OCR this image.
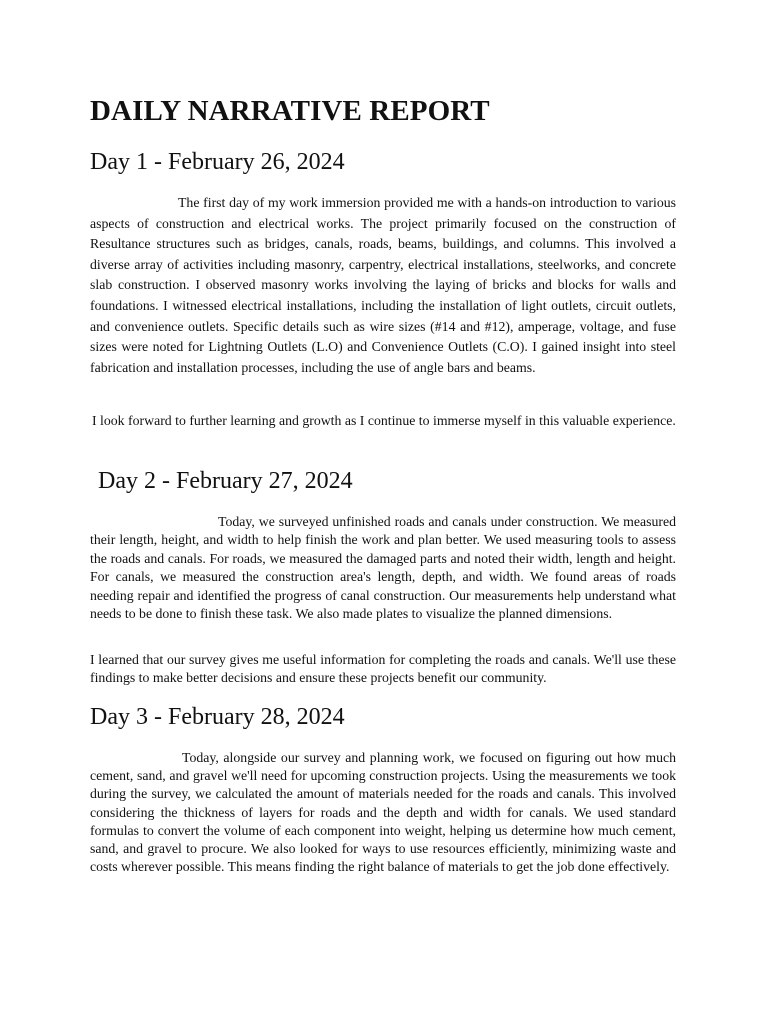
DAILY NARRATIVE REPORT
Day 1 - February 26, 2024

The first day of my work immersion provided me with a hands-on introduction to various aspects of construction and electrical works. The project primarily focused on the construction of Resultance structures such as bridges, canals, roads, beams, buildings, and columns. This involved a diverse array of activities including masonry, carpentry, electrical installations, steelworks, and concrete slab construction. I observed masonry works involving the laying of bricks and blocks for walls and foundations. I witnessed electrical installations, including the installation of light outlets, circuit outlets, and convenience outlets. Specific details such as wire sizes (#14 and #12), amperage, voltage, and fuse sizes were noted for Lightning Outlets (L.O) and Convenience Outlets (C.O). I gained insight into steel fabrication and installation processes, including the use of angle bars and beams.

I look forward to further learning and growth as I continue to immerse myself in this valuable experience.

Day 2 - February 27, 2024

Today, we surveyed unfinished roads and canals under construction. We measured their length, height, and width to help finish the work and plan better. We used measuring tools to assess the roads and canals. For roads, we measured the damaged parts and noted their width, length and height. For canals, we measured the construction area's length, depth, and width. We found areas of roads needing repair and identified the progress of canal construction. Our measurements help understand what needs to be done to finish these task. We also made plates to visualize the planned dimensions.

I learned that our survey gives me useful information for completing the roads and canals. We'll use these findings to make better decisions and ensure these projects benefit our community.

Day 3 - February 28, 2024

Today, alongside our survey and planning work, we focused on figuring out how much cement, sand, and gravel we'll need for upcoming construction projects. Using the measurements we took during the survey, we calculated the amount of materials needed for the roads and canals. This involved considering the thickness of layers for roads and the depth and width for canals. We used standard formulas to convert the volume of each component into weight, helping us determine how much cement, sand, and gravel to procure. We also looked for ways to use resources efficiently, minimizing waste and costs wherever possible. This means finding the right balance of materials to get the job done effectively.
